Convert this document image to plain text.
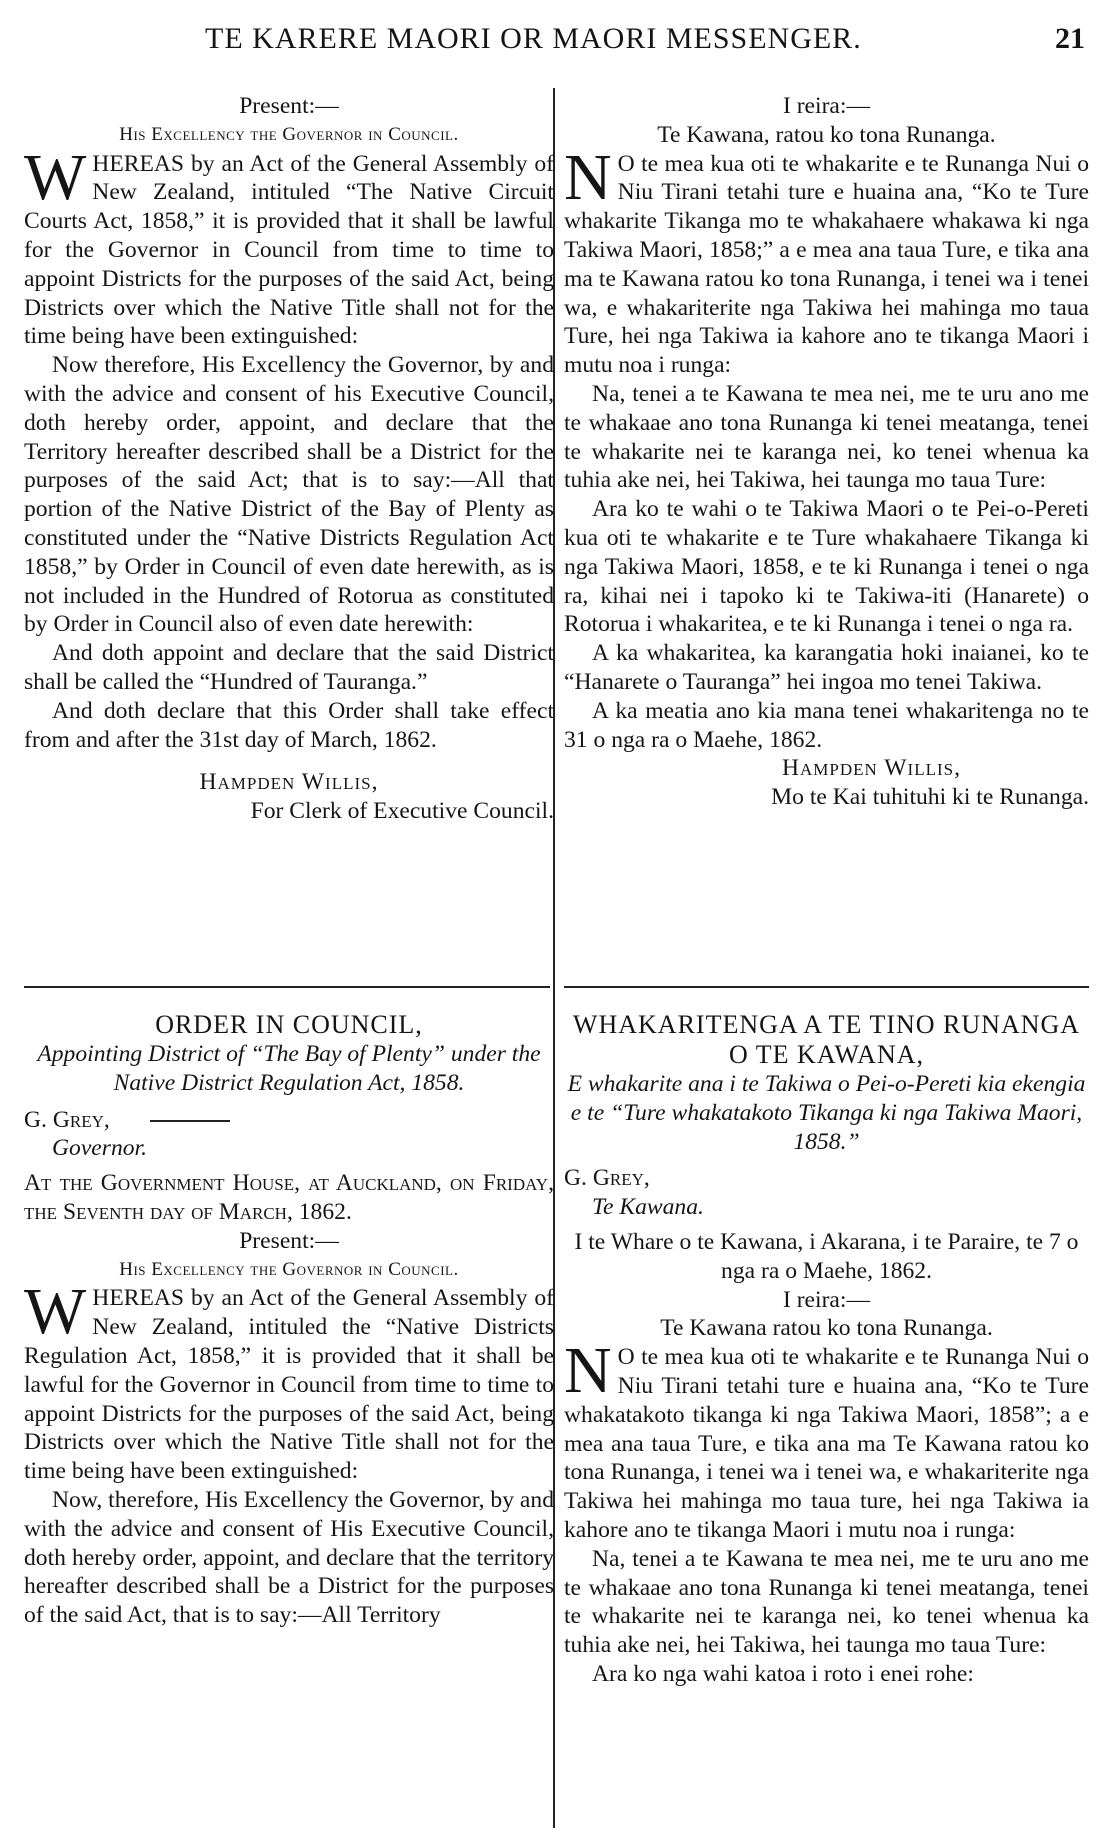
TE KARERE MAORI OR MAORI MESSENGER.	21
Present:—
His Excellency the Governor in Council.
WHEREAS by an Act of the General Assembly of New Zealand, intituled “The Native Circuit Courts Act, 1858,” it is provided that it shall be lawful for the Governor in Council from time to time to appoint Districts for the purposes of the said Act, being Districts over which the Native Title shall not for the time being have been extinguished:
Now therefore, His Excellency the Governor, by and with the advice and consent of his Executive Council, doth hereby order, appoint, and declare that the Territory hereafter described shall be a District for the purposes of the said Act; that is to say:—All that portion of the Native District of the Bay of Plenty as constituted under the “Native Districts Regulation Act 1858,” by Order in Council of even date herewith, as is not included in the Hundred of Rotorua as constituted by Order in Council also of even date herewith:
And doth appoint and declare that the said District shall be called the “Hundred of Tauranga.”
And doth declare that this Order shall take effect from and after the 31st day of March, 1862.
Hampden Willis,
For Clerk of Executive Council.
ORDER IN COUNCIL,
Appointing District of “The Bay of Plenty” under the Native District Regulation Act, 1858.
G. Grey,
Governor.
At the Government House, at Auckland, on Friday, the Seventh day of March, 1862.
Present:—
His Excellency the Governor in Council.
WHEREAS by an Act of the General Assembly of New Zealand, intituled the “Native Districts Regulation Act, 1858,” it is provided that it shall be lawful for the Governor in Council from time to time to appoint Districts for the purposes of the said Act, being Districts over which the Native Title shall not for the time being have been extinguished:
Now, therefore, His Excellency the Governor, by and with the advice and consent of His Executive Council, doth hereby order, appoint, and declare that the territory hereafter described shall be a District for the purposes of the said Act, that is to say:—All Territory
I reira:—
Te Kawana, ratou ko tona Runanga.
N O te mea kua oti te whakarite e te Runanga Nui o Niu Tirani tetahi ture e huaina ana, “Ko te Ture whakarite Tikanga mo te whakahaere whakawa ki nga Takiwa Maori, 1858;” a e mea ana taua Ture, e tika ana ma te Kawana ratou ko tona Runanga, i tenei wa i tenei wa, e whakariterite nga Takiwa hei mahinga mo taua Ture, hei nga Takiwa ia kahore ano te tikanga Maori i mutu noa i runga:
Na, tenei a te Kawana te mea nei, me te uru ano me te whakaae ano tona Runanga ki tenei meatanga, tenei te whakarite nei te karanga nei, ko tenei whenua ka tuhia ake nei, hei Takiwa, hei taunga mo taua Ture:
Ara ko te wahi o te Takiwa Maori o te Pei-o-Pereti kua oti te whakarite e te Ture whakahaere Tikanga ki nga Takiwa Maori, 1858, e te ki Runanga i tenei o nga ra, kihai nei i tapoko ki te Takiwa-iti (Hanarete) o Rotorua i whakaritea, e te ki Runanga i tenei o nga ra.
A ka whakaritea, ka karangatia hoki inaianei, ko te “Hanarete o Tauranga” hei ingoa mo tenei Takiwa.
A ka meatia ano kia mana tenei whakaritenga no te 31 o nga ra o Maehe, 1862.
Hampden Willis,
Mo te Kai tuhituhi ki te Runanga.
WHAKARITENGA A TE TINO RUNANGA O TE KAWANA,
E whakarite ana i te Takiwa o Pei-o-Pereti kia ekengia e te “Ture whakatakoto Tikanga ki nga Takiwa Maori, 1858.”
G. Grey,
Te Kawana.
I te Whare o te Kawana, i Akarana, i te Paraire, te 7 o nga ra o Maehe, 1862.
I reira:—
Te Kawana ratou ko tona Runanga.
N O te mea kua oti te whakarite e te Runanga Nui o Niu Tirani tetahi ture e huaina ana, “Ko te Ture whakatakoto tikanga ki nga Takiwa Maori, 1858”; a e mea ana taua Ture, e tika ana ma Te Kawana ratou ko tona Runanga, i tenei wa i tenei wa, e whakariterite nga Takiwa hei mahinga mo taua ture, hei nga Takiwa ia kahore ano te tikanga Maori i mutu noa i runga:
Na, tenei a te Kawana te mea nei, me te uru ano me te whakaae ano tona Runanga ki tenei meatanga, tenei te whakarite nei te karanga nei, ko tenei whenua ka tuhia ake nei, hei Takiwa, hei taunga mo taua Ture:
Ara ko nga wahi katoa i roto i enei rohe:
